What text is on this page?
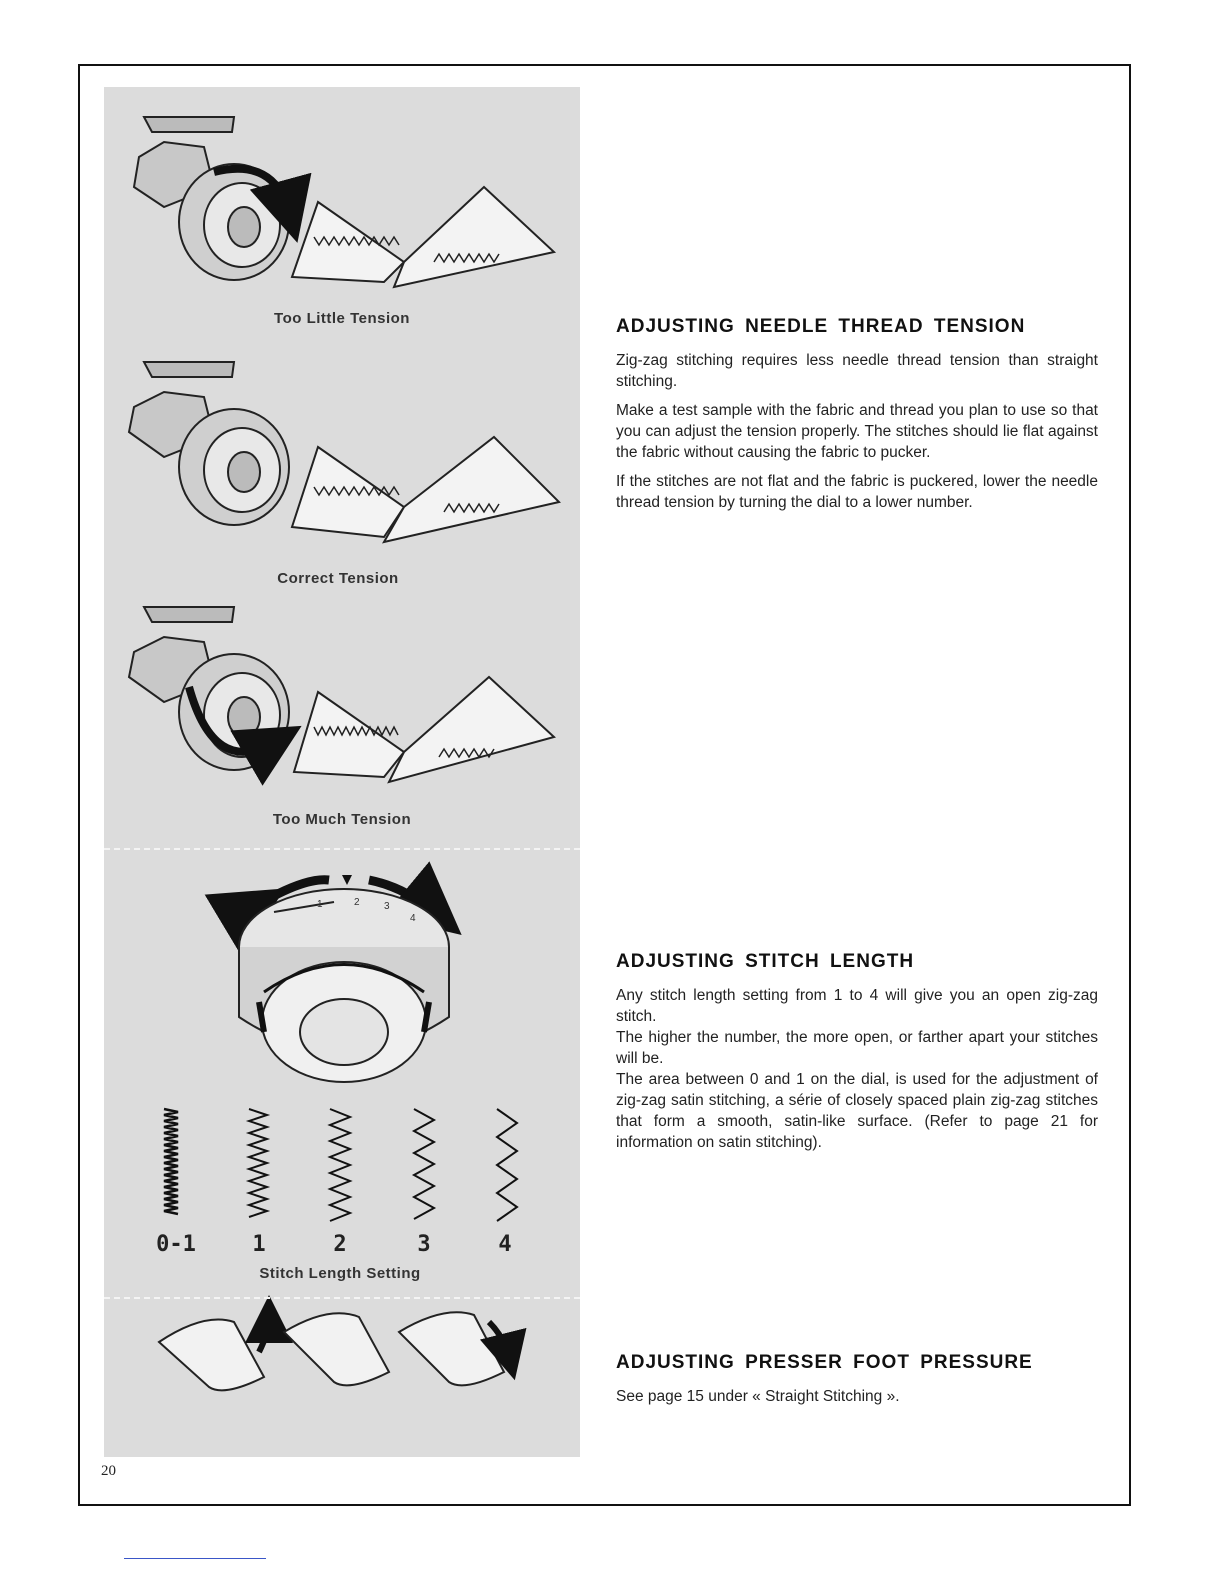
1	2 3
4
Too Little Tension
Correct Tension
Too Much Tension
0-1	1	2	3	4
Stitch Length Setting
ADJUSTING NEEDLE THREAD TENSION

Zig-zag stitching requires less needle thread tension than straight stitching.

Make a test sample with the fabric and thread you plan to use so that you can adjust the tension properly. The stitches should lie flat against the fabric without causing the fabric to pucker.

If the stitches are not flat and the fabric is puckered, lower the needle thread tension by turning the dial to a lower number.

ADJUSTING STITCH LENGTH

Any stitch length setting from 1 to 4 will give you an open zig-zag stitch.

The higher the number, the more open, or farther apart your stitches will be.

The area between 0 and 1 on the dial, is used for the adjustment of zig-zag satin stitching, a série of closely spaced plain zig-zag stitches that form a smooth, satin-like surface. (Refer to page 21 for information on satin stitching).

ADJUSTING PRESSER FOOT PRESSURE

See page 15 under « Straight Stitching ».

20
